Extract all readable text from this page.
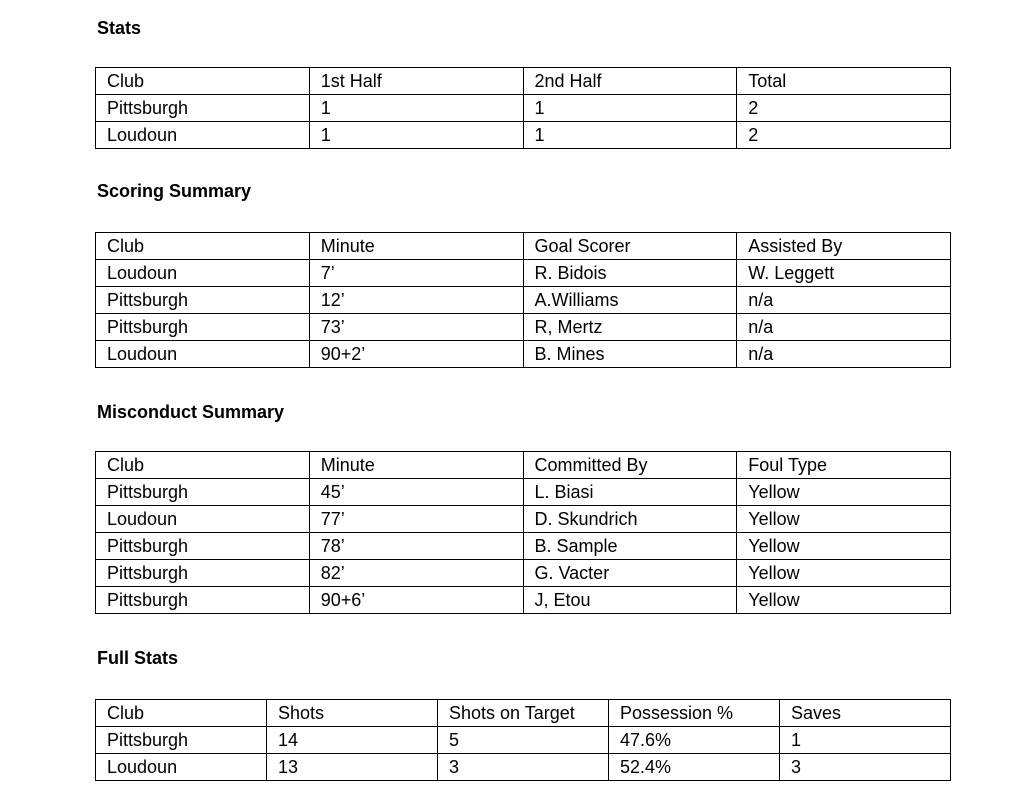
Stats
Club	1st Half	2nd Half	Total
Pittsburgh	1	1	2
Loudoun	1	1	2
Scoring Summary
Club	Minute	Goal Scorer	Assisted By
Loudoun	7’	R. Bidois	W. Leggett
Pittsburgh	12’	A.Williams	n/a
Pittsburgh	73’	R, Mertz	n/a
Loudoun	90+2’	B. Mines	n/a
Misconduct Summary
Club	Minute	Committed By	Foul Type
Pittsburgh	45’	L. Biasi	Yellow
Loudoun	77’	D. Skundrich	Yellow
Pittsburgh	78’	B. Sample	Yellow
Pittsburgh	82’	G. Vacter	Yellow
Pittsburgh	90+6’	J, Etou	Yellow
Full Stats
Club	Shots	Shots on Target	Possession %	Saves
Pittsburgh	14	5	47.6%	1
Loudoun	13	3	52.4%	3
